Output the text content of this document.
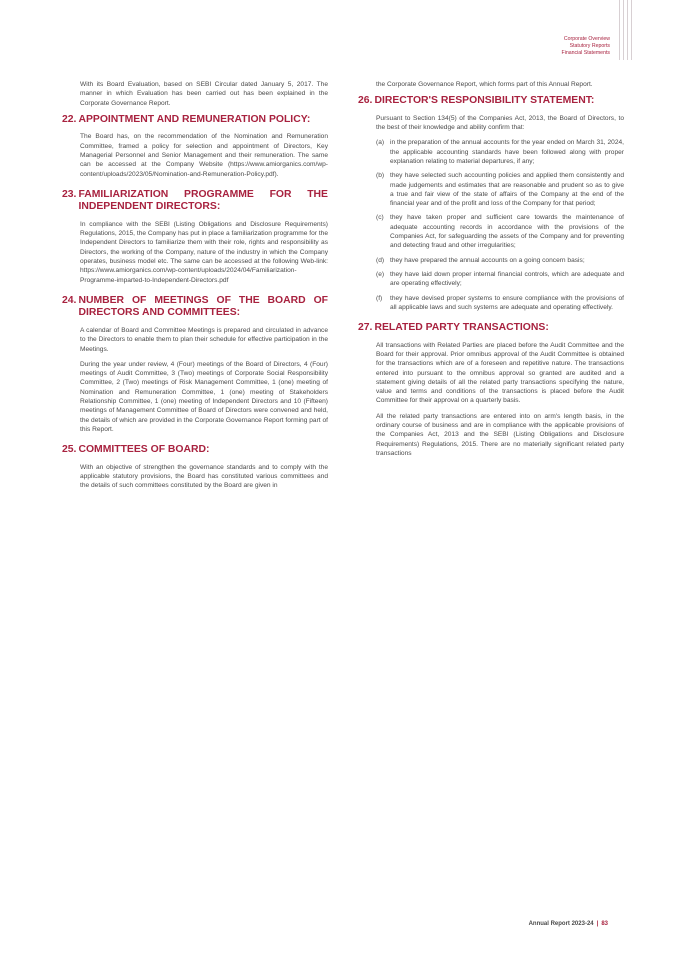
Corporate Overview
Statutory Reports
Financial Statements
With its Board Evaluation, based on SEBI Circular dated January 5, 2017. The manner in which Evaluation has been carried out has been explained in the Corporate Governance Report.
22. APPOINTMENT AND REMUNERATION POLICY:
The Board has, on the recommendation of the Nomination and Remuneration Committee, framed a policy for selection and appointment of Directors, Key Managerial Personnel and Senior Management and their remuneration. The same can be accessed at the Company Website (https://www.amiorganics.com/wp-content/uploads/2023/05/Nomination-and-Remuneration-Policy.pdf).
23. FAMILIARIZATION PROGRAMME FOR THE INDEPENDENT DIRECTORS:
In compliance with the SEBI (Listing Obligations and Disclosure Requirements) Regulations, 2015, the Company has put in place a familiarization programme for the Independent Directors to familiarize them with their role, rights and responsibility as Directors, the working of the Company, nature of the industry in which the Company operates, business model etc. The same can be accessed at the following Web-link: https://www.amiorganics.com/wp-content/uploads/2024/04/Familiarization-Programme-imparted-to-Independent-Directors.pdf
24. NUMBER OF MEETINGS OF THE BOARD OF DIRECTORS AND COMMITTEES:
A calendar of Board and Committee Meetings is prepared and circulated in advance to the Directors to enable them to plan their schedule for effective participation in the Meetings.
During the year under review, 4 (Four) meetings of the Board of Directors, 4 (Four) meetings of Audit Committee, 3 (Two) meetings of Corporate Social Responsibility Committee, 2 (Two) meetings of Risk Management Committee, 1 (one) meeting of Nomination and Remuneration Committee, 1 (one) meeting of Stakeholders Relationship Committee, 1 (one) meeting of Independent Directors and 10 (Fifteen) meetings of Management Committee of Board of Directors were convened and held, the details of which are provided in the Corporate Governance Report forming part of this Report.
25. COMMITTEES OF BOARD:
With an objective of strengthen the governance standards and to comply with the applicable statutory provisions, the Board has constituted various committees and the details of such committees constituted by the Board are given in
the Corporate Governance Report, which forms part of this Annual Report.
26. DIRECTOR'S RESPONSIBILITY STATEMENT:
Pursuant to Section 134(5) of the Companies Act, 2013, the Board of Directors, to the best of their knowledge and ability confirm that:
(a) in the preparation of the annual accounts for the year ended on March 31, 2024, the applicable accounting standards have been followed along with proper explanation relating to material departures, if any;
(b) they have selected such accounting policies and applied them consistently and made judgements and estimates that are reasonable and prudent so as to give a true and fair view of the state of affairs of the Company at the end of the financial year and of the profit and loss of the Company for that period;
(c) they have taken proper and sufficient care towards the maintenance of adequate accounting records in accordance with the provisions of the Companies Act, for safeguarding the assets of the Company and for preventing and detecting fraud and other irregularities;
(d) they have prepared the annual accounts on a going concern basis;
(e) they have laid down proper internal financial controls, which are adequate and are operating effectively;
(f)	they have devised proper systems to ensure compliance with the provisions of all applicable laws and such systems are adequate and operating effectively.
27. RELATED PARTY TRANSACTIONS:
All transactions with Related Parties are placed before the Audit Committee and the Board for their approval. Prior omnibus approval of the Audit Committee is obtained for the transactions which are of a foreseen and repetitive nature. The transactions entered into pursuant to the omnibus approval so granted are audited and a statement giving details of all the related party transactions specifying the nature, value and terms and conditions of the transactions is placed before the Audit Committee for their approval on a quarterly basis.
All the related party transactions are entered into on arm's length basis, in the ordinary course of business and are in compliance with the applicable provisions of the Companies Act, 2013 and the SEBI (Listing Obligations and Disclosure Requirements) Regulations, 2015. There are no materially significant related party transactions
Annual Report 2023-24 | 83
